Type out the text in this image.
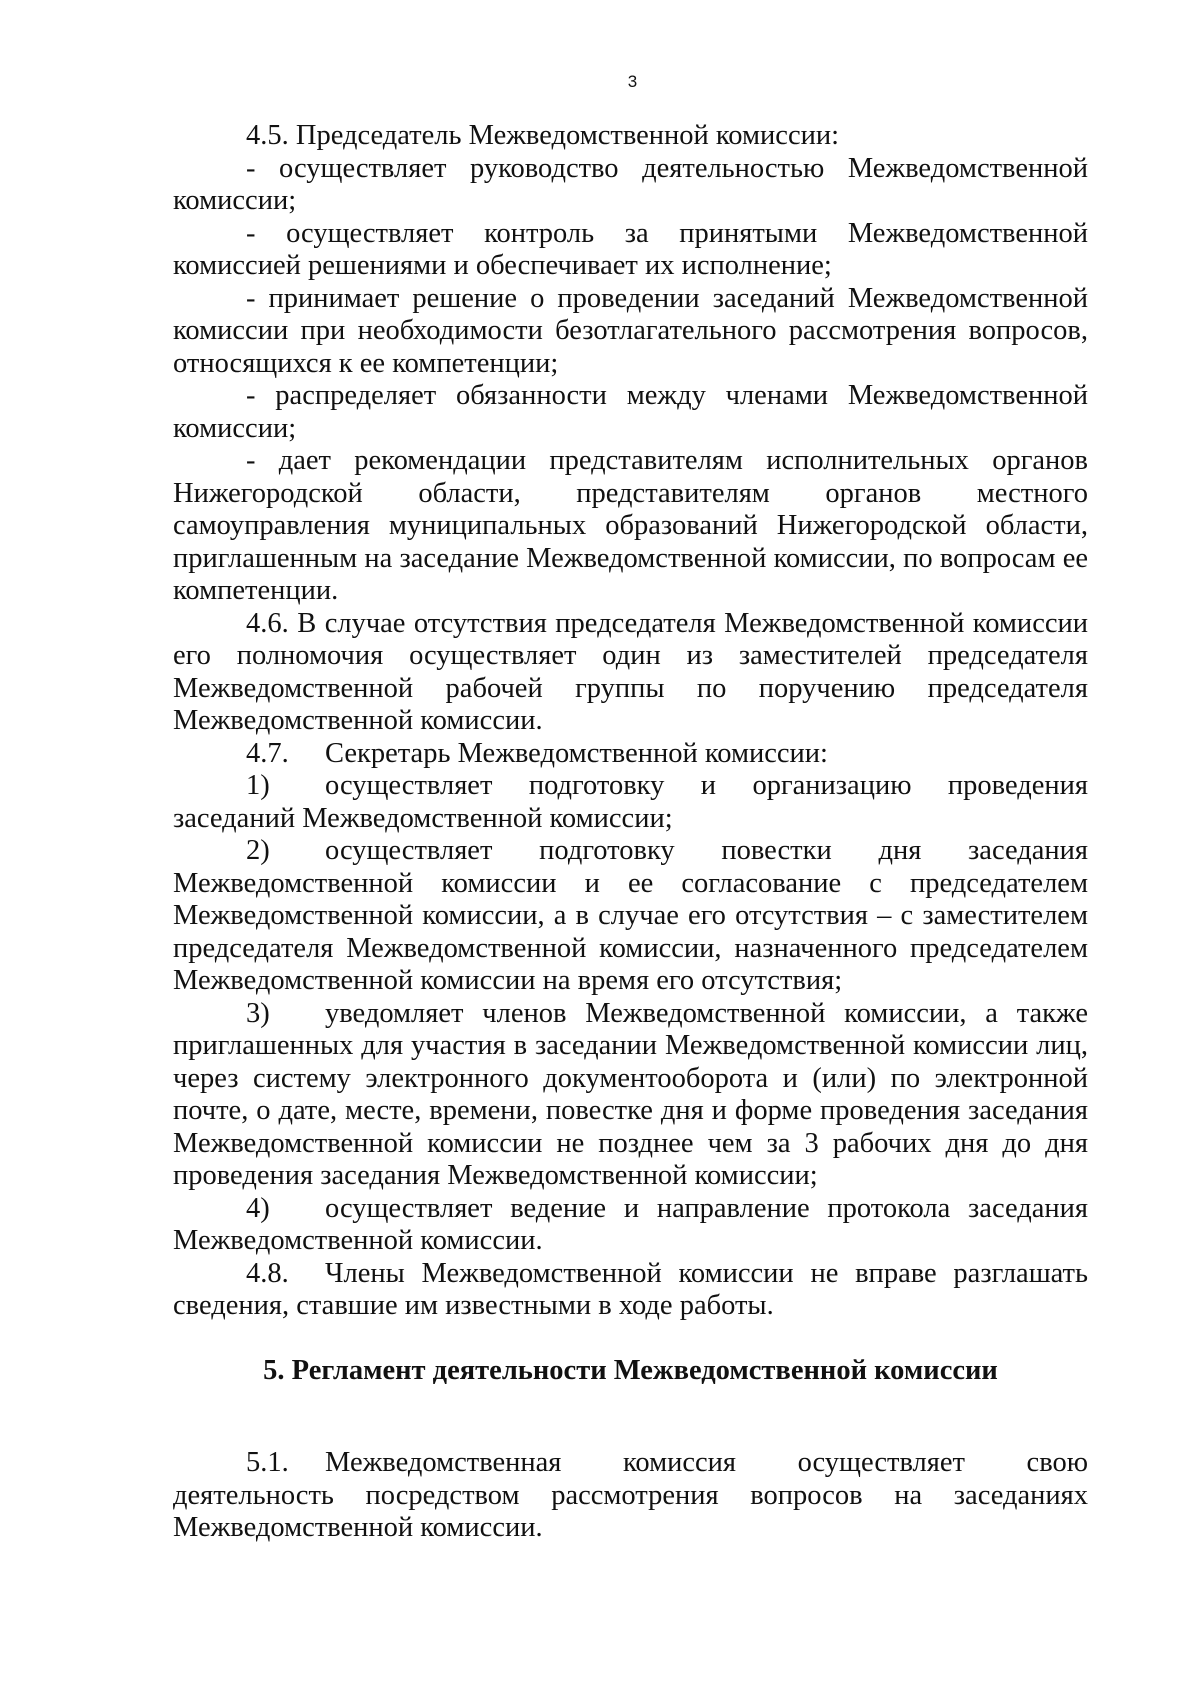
3

4.5. Председатель Межведомственной комиссии:

- осуществляет руководство деятельностью Межведомственной комиссии;

- осуществляет контроль за принятыми Межведомственной комиссией решениями и обеспечивает их исполнение;

- принимает решение о проведении заседаний Межведомственной комиссии при необходимости безотлагательного рассмотрения вопросов, относящихся к ее компетенции;

- распределяет обязанности между членами Межведомственной комиссии;

- дает рекомендации представителям исполнительных органов Нижегородской области, представителям органов местного самоуправления муниципальных образований Нижегородской области, приглашенным на заседание Межведомственной комиссии, по вопросам ее компетенции.

4.6. В случае отсутствия председателя Межведомственной комиссии его полномочия осуществляет один из заместителей председателя Межведомственной рабочей группы по поручению председателя Межведомственной комиссии.

4.7. Секретарь Межведомственной комиссии:

1) осуществляет подготовку и организацию проведения заседаний Межведомственной комиссии;

2) осуществляет подготовку повестки дня заседания Межведомственной комиссии и ее согласование с председателем Межведомственной комиссии, а в случае его отсутствия – с заместителем председателя Межведомственной комиссии, назначенного председателем Межведомственной комиссии на время его отсутствия;

3) уведомляет членов Межведомственной комиссии, а также приглашенных для участия в заседании Межведомственной комиссии лиц, через систему электронного документооборота и (или) по электронной почте, о дате, месте, времени, повестке дня и форме проведения заседания Межведомственной комиссии не позднее чем за 3 рабочих дня до дня проведения заседания Межведомственной комиссии;

4) осуществляет ведение и направление протокола заседания Межведомственной комиссии.

4.8. Члены Межведомственной комиссии не вправе разглашать сведения, ставшие им известными в ходе работы.

5. Регламент деятельности Межведомственной комиссии

5.1. Межведомственная комиссия осуществляет свою деятельность посредством рассмотрения вопросов на заседаниях Межведомственной комиссии.
